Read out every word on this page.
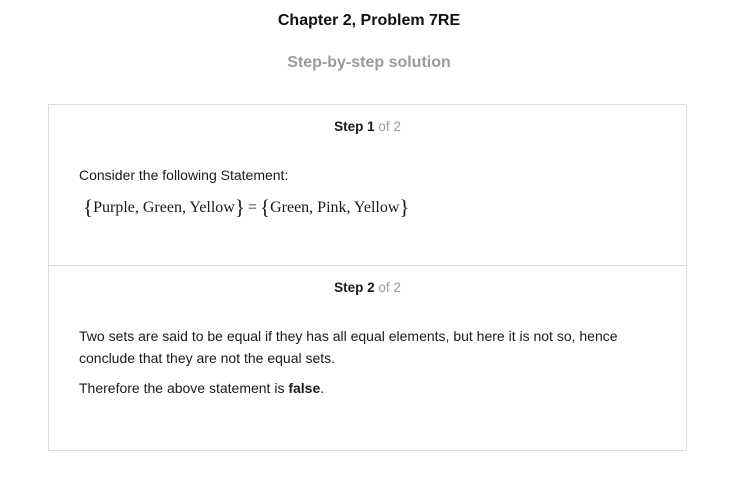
Chapter 2, Problem 7RE
Step-by-step solution
Step 1 of 2
Consider the following Statement:
{Purple, Green, Yellow} = {Green, Pink, Yellow}
Step 2 of 2
Two sets are said to be equal if they has all equal elements, but here it is not so, hence conclude that they are not the equal sets.
Therefore the above statement is false.
